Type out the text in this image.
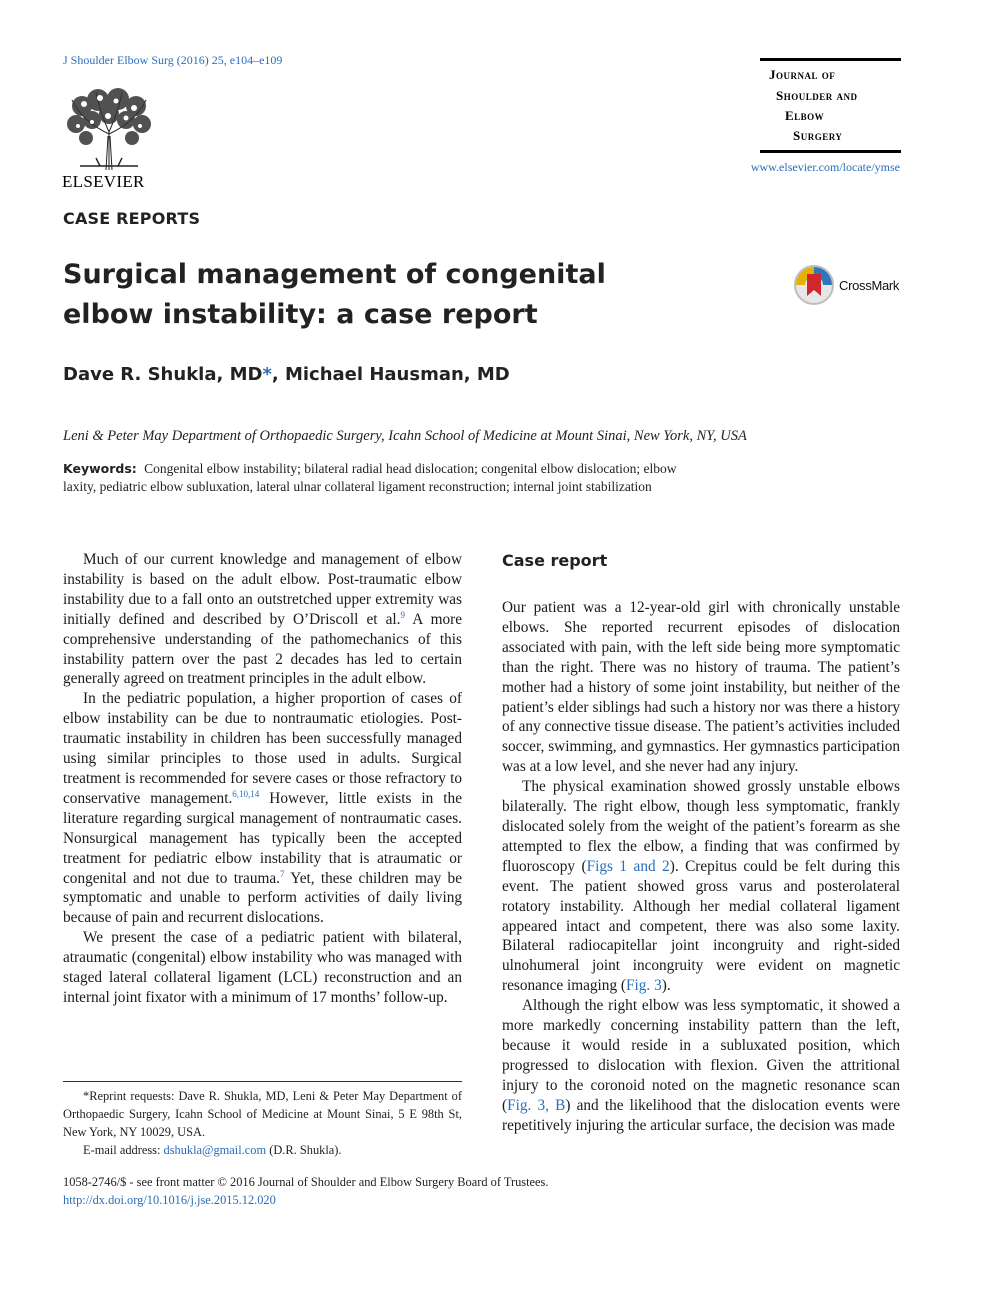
J Shoulder Elbow Surg (2016) 25, e104–e109
ELSEVIER
Journal of
Shoulder and
Elbow
Surgery
www.elsevier.com/locate/ymse
CASE REPORTS
Surgical management of congenital elbow instability: a case report
CrossMark
Dave R. Shukla, MD*, Michael Hausman, MD
Leni & Peter May Department of Orthopaedic Surgery, Icahn School of Medicine at Mount Sinai, New York, NY, USA
Keywords: Congenital elbow instability; bilateral radial head dislocation; congenital elbow dislocation; elbow laxity, pediatric elbow subluxation, lateral ulnar collateral ligament reconstruction; internal joint stabilization

Much of our current knowledge and management of elbow instability is based on the adult elbow. Post-traumatic elbow instability due to a fall onto an outstretched upper extremity was initially defined and described by O’Driscoll et al.$^9$ A more comprehensive understanding of the pathomechanics of this instability pattern over the past 2 decades has led to certain generally agreed on treatment principles in the adult elbow.

In the pediatric population, a higher proportion of cases of elbow instability can be due to nontraumatic etiologies. Post-traumatic instability in children has been successfully managed using similar principles to those used in adults. Surgical treatment is recommended for severe cases or those refractory to conservative management.$^{6,10,14}$ However, little exists in the literature regarding surgical management of nontraumatic cases. Nonsurgical management has typically been the accepted treatment for pediatric elbow instability that is atraumatic or congenital and not due to trauma.$^7$ Yet, these children may be symptomatic and unable to perform activities of daily living because of pain and recurrent dislocations.

We present the case of a pediatric patient with bilateral, atraumatic (congenital) elbow instability who was managed with staged lateral collateral ligament (LCL) reconstruction and an internal joint fixator with a minimum of 17 months’ follow-up.

*Reprint requests: Dave R. Shukla, MD, Leni & Peter May Department of Orthopaedic Surgery, Icahn School of Medicine at Mount Sinai, 5 E 98th St, New York, NY 10029, USA.

E-mail address: dshukla@gmail.com (D.R. Shukla).

1058-2746/$ - see front matter © 2016 Journal of Shoulder and Elbow Surgery Board of Trustees.
http://dx.doi.org/10.1016/j.jse.2015.12.020
Case report

Our patient was a 12-year-old girl with chronically unstable elbows. She reported recurrent episodes of dislocation associated with pain, with the left side being more symptomatic than the right. There was no history of trauma. The patient’s mother had a history of some joint instability, but neither of the patient’s elder siblings had such a history nor was there a history of any connective tissue disease. The patient’s activities included soccer, swimming, and gymnastics. Her gymnastics participation was at a low level, and she never had any injury.

The physical examination showed grossly unstable elbows bilaterally. The right elbow, though less symptomatic, frankly dislocated solely from the weight of the patient’s forearm as she attempted to flex the elbow, a finding that was confirmed by fluoroscopy (Figs 1 and 2). Crepitus could be felt during this event. The patient showed gross varus and posterolateral rotatory instability. Although her medial collateral ligament appeared intact and competent, there was also some laxity. Bilateral radiocapitellar joint incongruity and right-sided ulnohumeral joint incongruity were evident on magnetic resonance imaging (Fig. 3).

Although the right elbow was less symptomatic, it showed a more markedly concerning instability pattern than the left, because it would reside in a subluxated position, which progressed to dislocation with flexion. Given the attritional injury to the coronoid noted on the magnetic resonance scan (Fig. 3, B) and the likelihood that the dislocation events were repetitively injuring the articular surface, the decision was made
